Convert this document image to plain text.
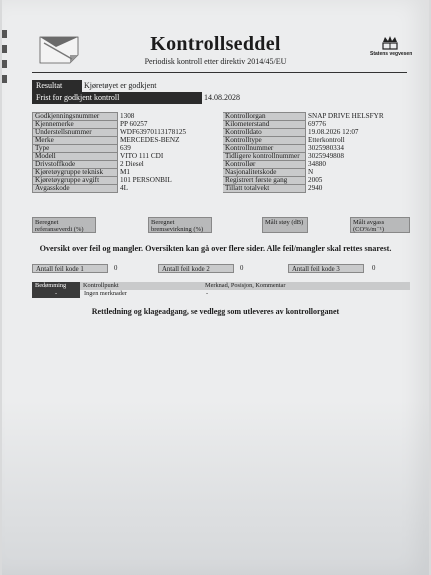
Kontrollseddel
Periodisk kontroll etter direktiv 2014/45/EU
Statens vegvesen
Resultat	Kjøretøyet er godkjent
Frist for godkjent kontroll	14.08.2028
Godkjenningsnummer	1308	Kontrollorgan	SNAP DRIVE HELSFYR
Kjennemerke	PP 60257	Kilometerstand	69776
Understellsnummer	WDF63970113178125	Kontrolldato	19.08.2026 12:07
Merke	MERCEDES-BENZ	Kontrolltype	Etterkontroll
Type	639	Kontrollnummer	3025980334
Modell	VITO 111 CDI	Tidligere kontrollnummer	3025949808
Drivstoffkode	2 Diesel	Kontrollør	34880
Kjøretøygruppe teknisk	M1	Nasjonalitetskode	N
Kjøretøygruppe avgift	101 PERSONBIL	Registrert første gang	2005
Avgasskode	4L	Tillatt totalvekt	2940
Beregnet referanseverdi (%)
Beregnet bremsevirkning (%)
Målt støy (dB)	Målt avgass (CO%/m⁻¹)
Oversikt over feil og mangler. Oversikten kan gå over flere sider. Alle feil/mangler skal rettes snarest.
Antall feil kode 1	0	Antall feil kode 2	0	Antall feil kode 3	0
Bedømming	Kontrollpunkt	Merknad, Posisjon, Kommentar
-	Ingen merknader	-
Rettledning og klageadgang, se vedlegg som utleveres av kontrollorganet
